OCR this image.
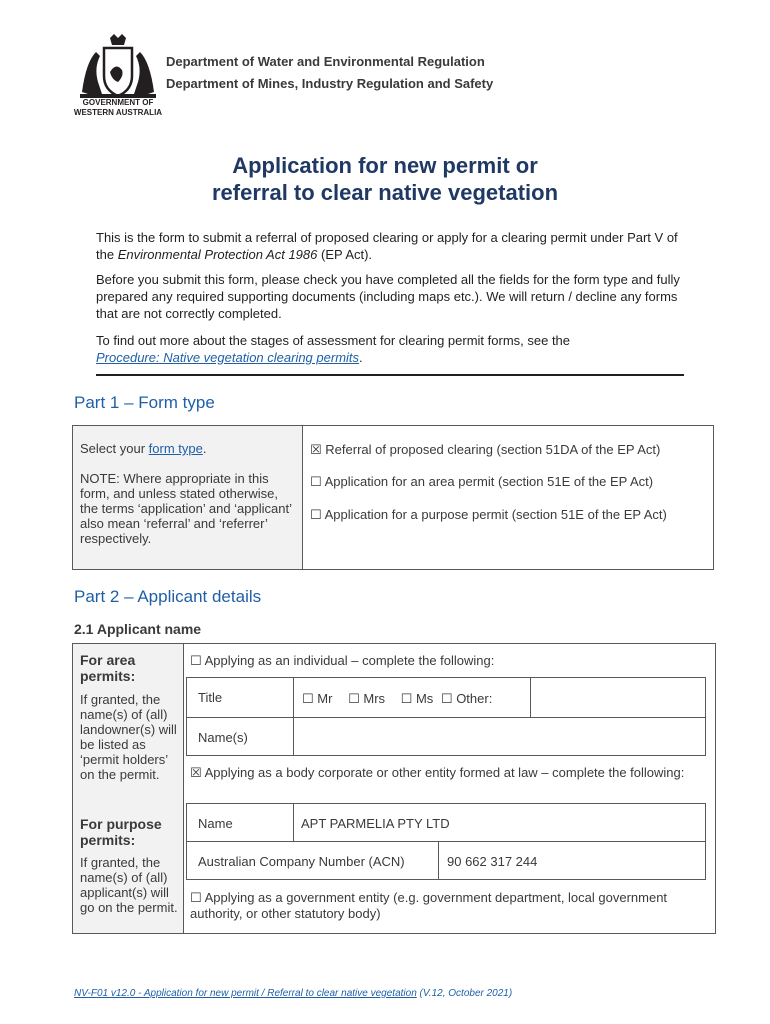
GOVERNMENT OF
WESTERN AUSTRALIA
Department of Water and Environmental Regulation
Department of Mines, Industry Regulation and Safety
Application for new permit or
referral to clear native vegetation
This is the form to submit a referral of proposed clearing or apply for a clearing permit under Part V of the Environmental Protection Act 1986 (EP Act).
Before you submit this form, please check you have completed all the fields for the form type and fully prepared any required supporting documents (including maps etc.). We will return / decline any forms that are not correctly completed.
To find out more about the stages of assessment for clearing permit forms, see the
Procedure: Native vegetation clearing permits.
Part 1 – Form type
Select your form type.
NOTE: Where appropriate in this form, and unless stated otherwise, the terms ‘application’ and ‘applicant’ also mean ‘referral’ and ‘referrer’ respectively.
☒ Referral of proposed clearing (section 51DA of the EP Act)
☐ Application for an area permit (section 51E of the EP Act)
☐ Application for a purpose permit (section 51E of the EP Act)
Part 2 – Applicant details
2.1 Applicant name
For area permits:
If granted, the name(s) of (all) landowner(s) will be listed as ‘permit holders’ on the permit.
For purpose permits:
If granted, the name(s) of (all) applicant(s) will go on the permit.
☐ Applying as an individual – complete the following:
Title	☐ Mr ☐ Mrs ☐ Ms ☐ Other:
Name(s)
☒ Applying as a body corporate or other entity formed at law – complete the following:
Name	APT PARMELIA PTY LTD
Australian Company Number (ACN)	90 662 317 244
☐ Applying as a government entity (e.g. government department, local government authority, or other statutory body)
NV-F01 v12.0 - Application for new permit / Referral to clear native vegetation (V.12, October 2021)
